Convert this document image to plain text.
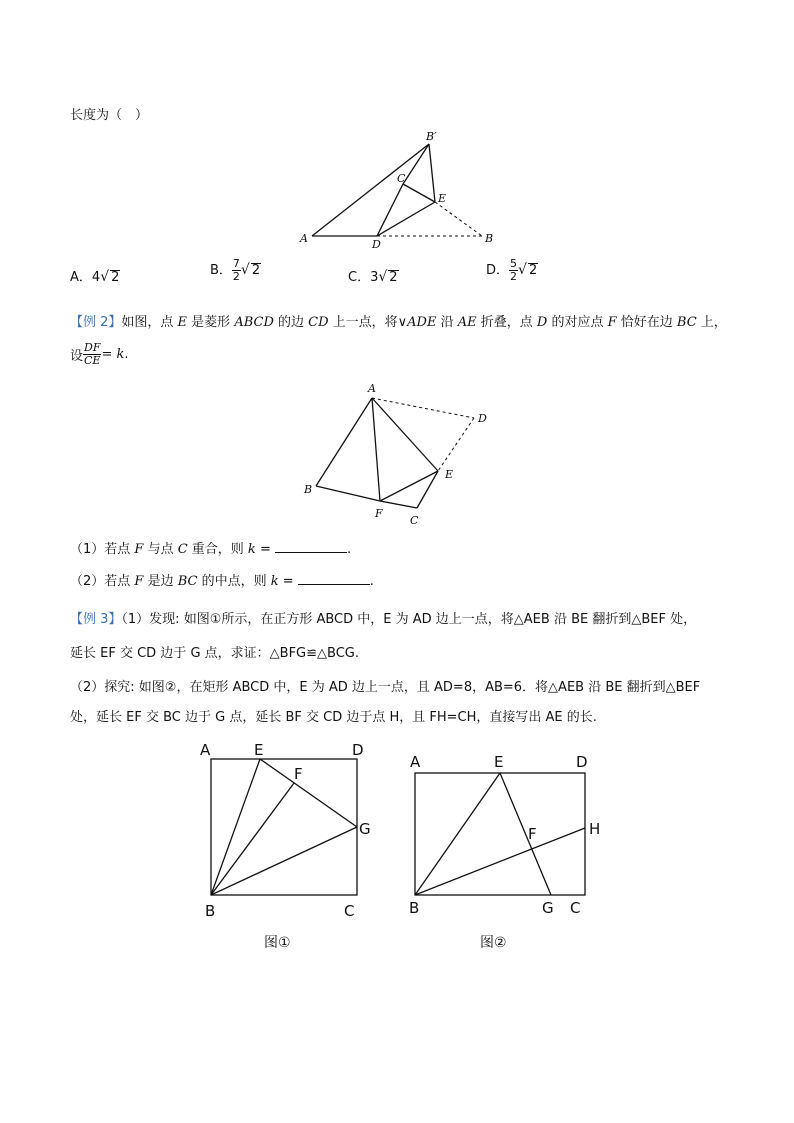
长度为（　）
B′
C
E
A	D	B
A．4√ 2	B． $\frac{7}{2}$ √ 2	C．3√ 2	D． $\frac{5}{2}$ √ 2
【例 2】如图，点 E 是菱形 ABCD 的边 CD 上一点，将∨ADE 沿 AE 折叠，点 D 的对应点 F 恰好在边 BC 上，
设 $\frac{DF}{CE} = k$.
A
D
E
B
F
C
（1）若点 F 与点 C 重合，则 k =	.
（2）若点 F 是边 BC 的中点，则 k =	.
【例 3】（1）发现: 如图①所示，在正方形 ABCD 中，E 为 AD 边上一点，将△AEB 沿 BE 翻折到△BEF 处，
延长 EF 交 CD 边于 G 点，求证：△BFG≌△BCG.
（2）探究: 如图②，在矩形 ABCD 中，E 为 AD 边上一点，且 AD=8，AB=6．将△AEB 沿 BE 翻折到△BEF
处，延长 EF 交 BC 边于 G 点，延长 BF 交 CD 边于点 H，且 FH=CH，直接写出 AE 的长.
A	E	D
F
G
B	C
图①
A	E	D
F	H
B	G C
图②
